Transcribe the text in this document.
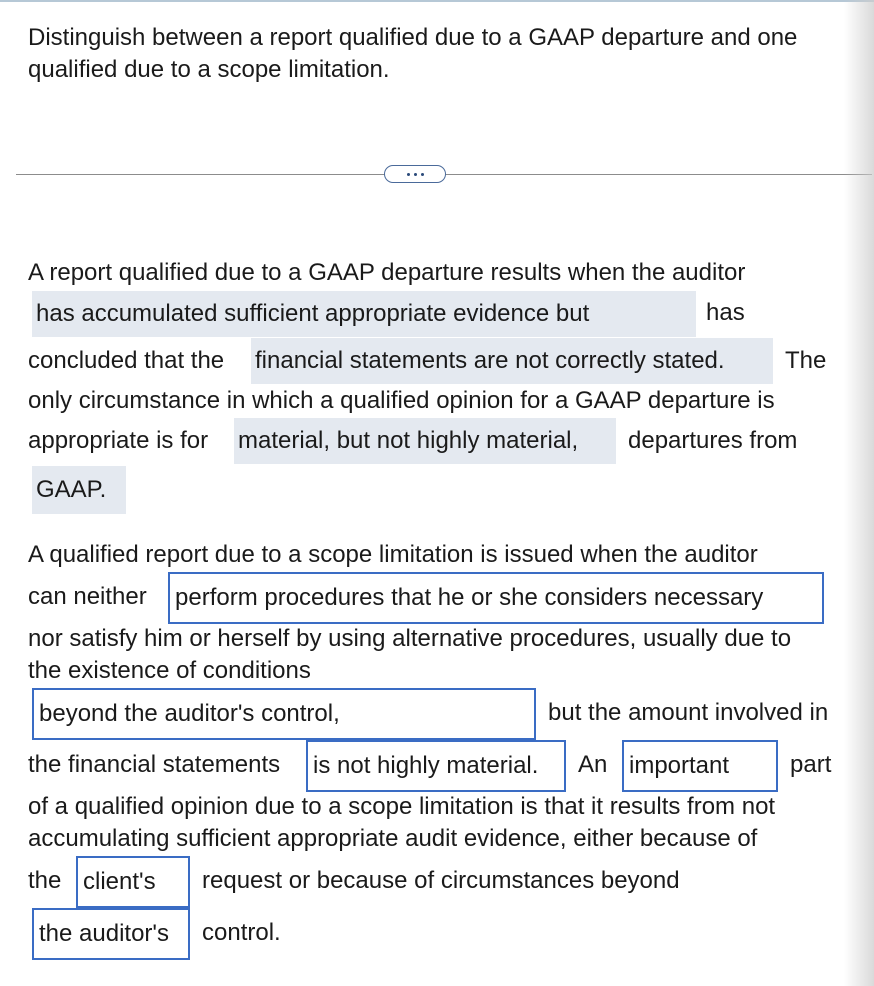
Distinguish between a report qualified due to a GAAP departure and one qualified due to a scope limitation.

A report qualified due to a GAAP departure results when the auditor
has accumulated sufficient appropriate evidence but	has
concluded that the financial statements are not correctly stated.	The
only circumstance in which a qualified opinion for a GAAP departure is
appropriate is for material, but not highly material, departures from
GAAP.
A qualified report due to a scope limitation is issued when the auditor
can neither perform procedures that he or she considers necessary
nor satisfy him or herself by using alternative procedures, usually due to
the existence of conditions
beyond the auditor's control,	but the amount involved in
the financial statements is not highly material. An important	part
of a qualified opinion due to a scope limitation is that it results from not
accumulating sufficient appropriate audit evidence, either because of
the client's request or because of circumstances beyond
the auditor's control.
